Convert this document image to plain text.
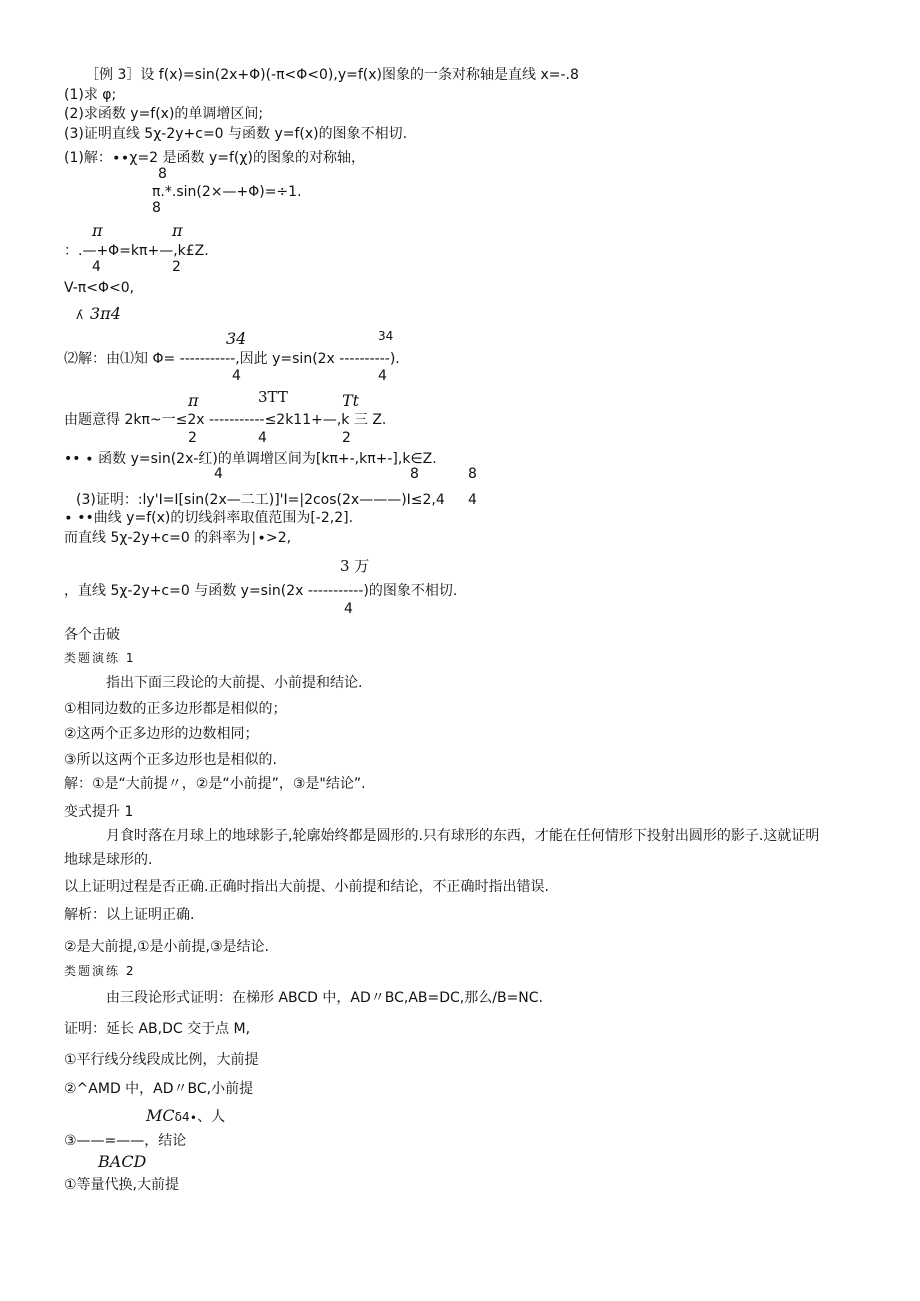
［例 3］设 f(x)=sin(2x+Φ)(-π<Φ<0),y=f(x)图象的一条对称轴是直线 x=-.8
(1)求 φ;
(2)求函数 y=f(x)的单调增区间;
(3)证明直线 5χ-2y+c=0 与函数 y=f(x)的图象不相切.
(1)解：∙∙χ=2 是函数 y=f(χ)的图象的对称轴，
8
π.*.sin(2×—+Φ)=÷1.
8
π	π
：.—+Φ=kπ+—,k£Z.
4	2
V-π<Φ<0,
ʎ 3π4
34	34
⑵解：由⑴知 Φ= -----------,因此 y=sin(2x ----------).
4	4
π	3TT	Tt
由题意得 2kπ~一≤2x -----------≤2k11+—,k 三 Z.
2	4	2
•• ∙ 函数 y=sin(2x-红)的单调增区间为[kπ+-,kπ+-],k∈Z.
4	8	8
(3)证明：:ly'I=I[sin(2x—二工)]'I=|2cos(2x———)I≤2,4 4
∙ ••曲线 y=f(x)的切线斜率取值范围为[-2,2].
而直线 5χ-2y+c=0 的斜率为∣∙>2,
3 万
，直线 5χ-2y+c=0 与函数 y=sin(2x -----------)的图象不相切.
4
各个击破
类题演练 1
指出下面三段论的大前提、小前提和结论.
①相同边数的正多边形都是相似的；
②这两个正多边形的边数相同；
③所以这两个正多边形也是相似的.
解：①是“大前提〃，②是“小前提”，③是"结论”.
变式提升 1
月食时落在月球上的地球影子,轮廓始终都是圆形的.只有球形的东西，才能在任何情形下投射出圆形的影子.这就证明
地球是球形的.
以上证明过程是否正确.正确时指出大前提、小前提和结论，不正确时指出错误.
解析：以上证明正确.
②是大前提,①是小前提,③是结论.
类题演练 2
由三段论形式证明：在梯形 ABCD 中，AD〃BC,AB=DC,那么/B=NC.
证明：延长 AB,DC 交于点 M,
①平行线分线段成比例，大前提
②^AMD 中，AD〃BC,小前提
MCδ4∙、人
③——=——，结论
BACD
①等量代换,大前提
